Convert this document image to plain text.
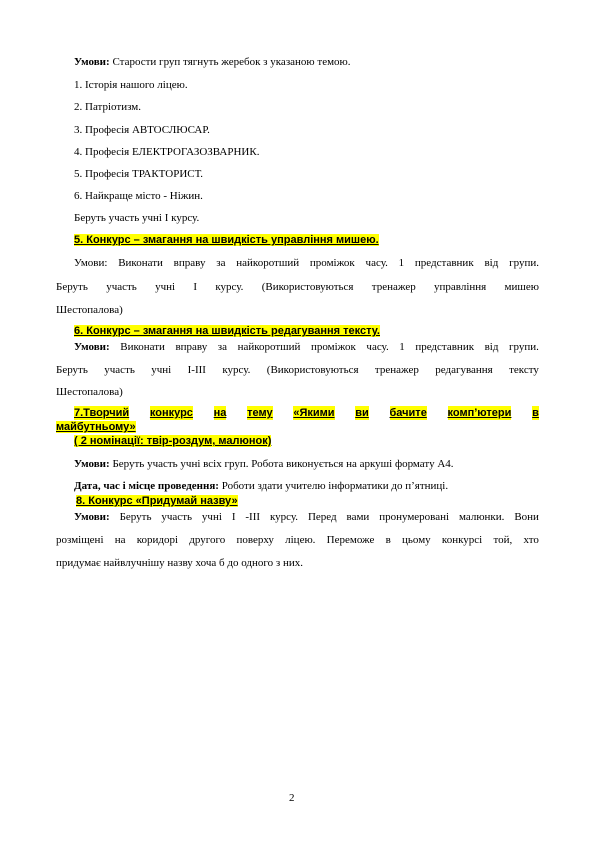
Умови: Старости груп тягнуть жеребок з указаною темою.
1. Історія нашого ліцею.
2. Патріотизм.
3. Професія АВТОСЛЮСАР.
4. Професія ЕЛЕКТРОГАЗОЗВАРНИК.
5. Професія ТРАКТОРИСТ.
6. Найкраще місто - Ніжин.
Беруть участь учні І курсу.
5. Конкурс – змагання на швидкість управління мишею.
Умови: Виконати вправу за найкоротший проміжок часу. 1 представник від групи.
Беруть участь учні І курсу. (Використовуються тренажер управління мишею
Шестопалова)
6. Конкурс – змагання на швидкість редагування тексту.
Умови: Виконати вправу за найкоротший проміжок часу. 1 представник від групи.
Беруть участь учні І-ІІІ курсу. (Використовуються тренажер редагування тексту
Шестопалова)
7.Творчий конкурс на тему «Якими ви бачите комп’ютери в
майбутньому»
( 2 номінації: твір-роздум, малюнок)
Умови: Беруть участь учні всіх груп. Робота виконується на аркуші формату А4.
Дата, час і місце проведення: Роботи здати учителю інформатики до п’ятниці.
8. Конкурс «Придумай назву»
Умови: Беруть участь учні І -ІІІ курсу. Перед вами пронумеровані малюнки. Вони
розміщені на коридорі другого поверху ліцею. Переможе в цьому конкурсі той, хто
придумає найвлучнішу назву хоча б до одного з них.
2
